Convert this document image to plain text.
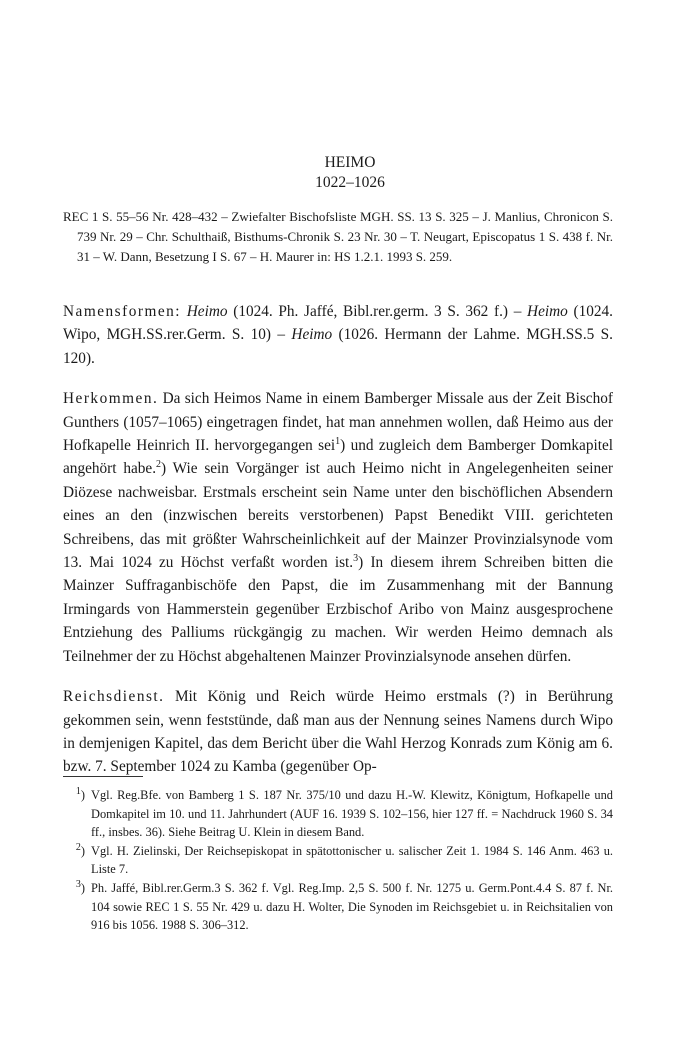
HEIMO
1022–1026

REC 1 S. 55–56 Nr. 428–432 – Zwiefalter Bischofsliste MGH. SS. 13 S. 325 – J. Manlius, Chronicon S. 739 Nr. 29 – Chr. Schulthaiß, Bisthums-Chronik S. 23 Nr. 30 – T. Neugart, Episcopatus 1 S. 438 f. Nr. 31 – W. Dann, Besetzung I S. 67 – H. Maurer in: HS 1.2.1. 1993 S. 259.

Namensformen: Heimo (1024. Ph. Jaffé, Bibl.rer.germ. 3 S. 362 f.) – Heimo (1024. Wipo, MGH.SS.rer.Germ. S. 10) – Heimo (1026. Hermann der Lahme. MGH.SS.5 S. 120).

Herkommen. Da sich Heimos Name in einem Bamberger Missale aus der Zeit Bischof Gunthers (1057–1065) eingetragen findet, hat man annehmen wollen, daß Heimo aus der Hofkapelle Heinrich II. hervorgegangen sei$^1$) und zugleich dem Bamberger Domkapitel angehört habe.$^2$) Wie sein Vorgänger ist auch Heimo nicht in Angelegenheiten seiner Diözese nachweisbar. Erstmals erscheint sein Name unter den bischöflichen Absendern eines an den (inzwischen bereits verstorbenen) Papst Benedikt VIII. gerichteten Schreibens, das mit größter Wahrscheinlichkeit auf der Mainzer Provinzialsynode vom 13. Mai 1024 zu Höchst verfaßt worden ist.$^3$) In diesem ihrem Schreiben bitten die Mainzer Suffraganbischöfe den Papst, die im Zusammenhang mit der Bannung Irmingards von Hammerstein gegenüber Erzbischof Aribo von Mainz ausgesprochene Entziehung des Palliums rückgängig zu machen. Wir werden Heimo demnach als Teilnehmer der zu Höchst abgehaltenen Mainzer Provinzialsynode ansehen dürfen.

Reichsdienst. Mit König und Reich würde Heimo erstmals (?) in Berührung gekommen sein, wenn feststünde, daß man aus der Nennung seines Namens durch Wipo in demjenigen Kapitel, das dem Bericht über die Wahl Herzog Konrads zum König am 6. bzw. 7. September 1024 zu Kamba (gegenüber Op-

$^1$) Vgl. Reg.Bfe. von Bamberg 1 S. 187 Nr. 375/10 und dazu H.-W. Klewitz, Königtum, Hofkapelle und Domkapitel im 10. und 11. Jahrhundert (AUF 16. 1939 S. 102–156, hier 127 ff. = Nachdruck 1960 S. 34 ff., insbes. 36). Siehe Beitrag U. Klein in diesem Band.
$^2$) Vgl. H. Zielinski, Der Reichsepiskopat in spätottonischer u. salischer Zeit 1. 1984 S. 146 Anm. 463 u. Liste 7.
$^3$) Ph. Jaffé, Bibl.rer.Germ.3 S. 362 f. Vgl. Reg.Imp. 2,5 S. 500 f. Nr. 1275 u. Germ.Pont.4.4 S. 87 f. Nr. 104 sowie REC 1 S. 55 Nr. 429 u. dazu H. Wolter, Die Synoden im Reichsgebiet u. in Reichsitalien von 916 bis 1056. 1988 S. 306–312.
